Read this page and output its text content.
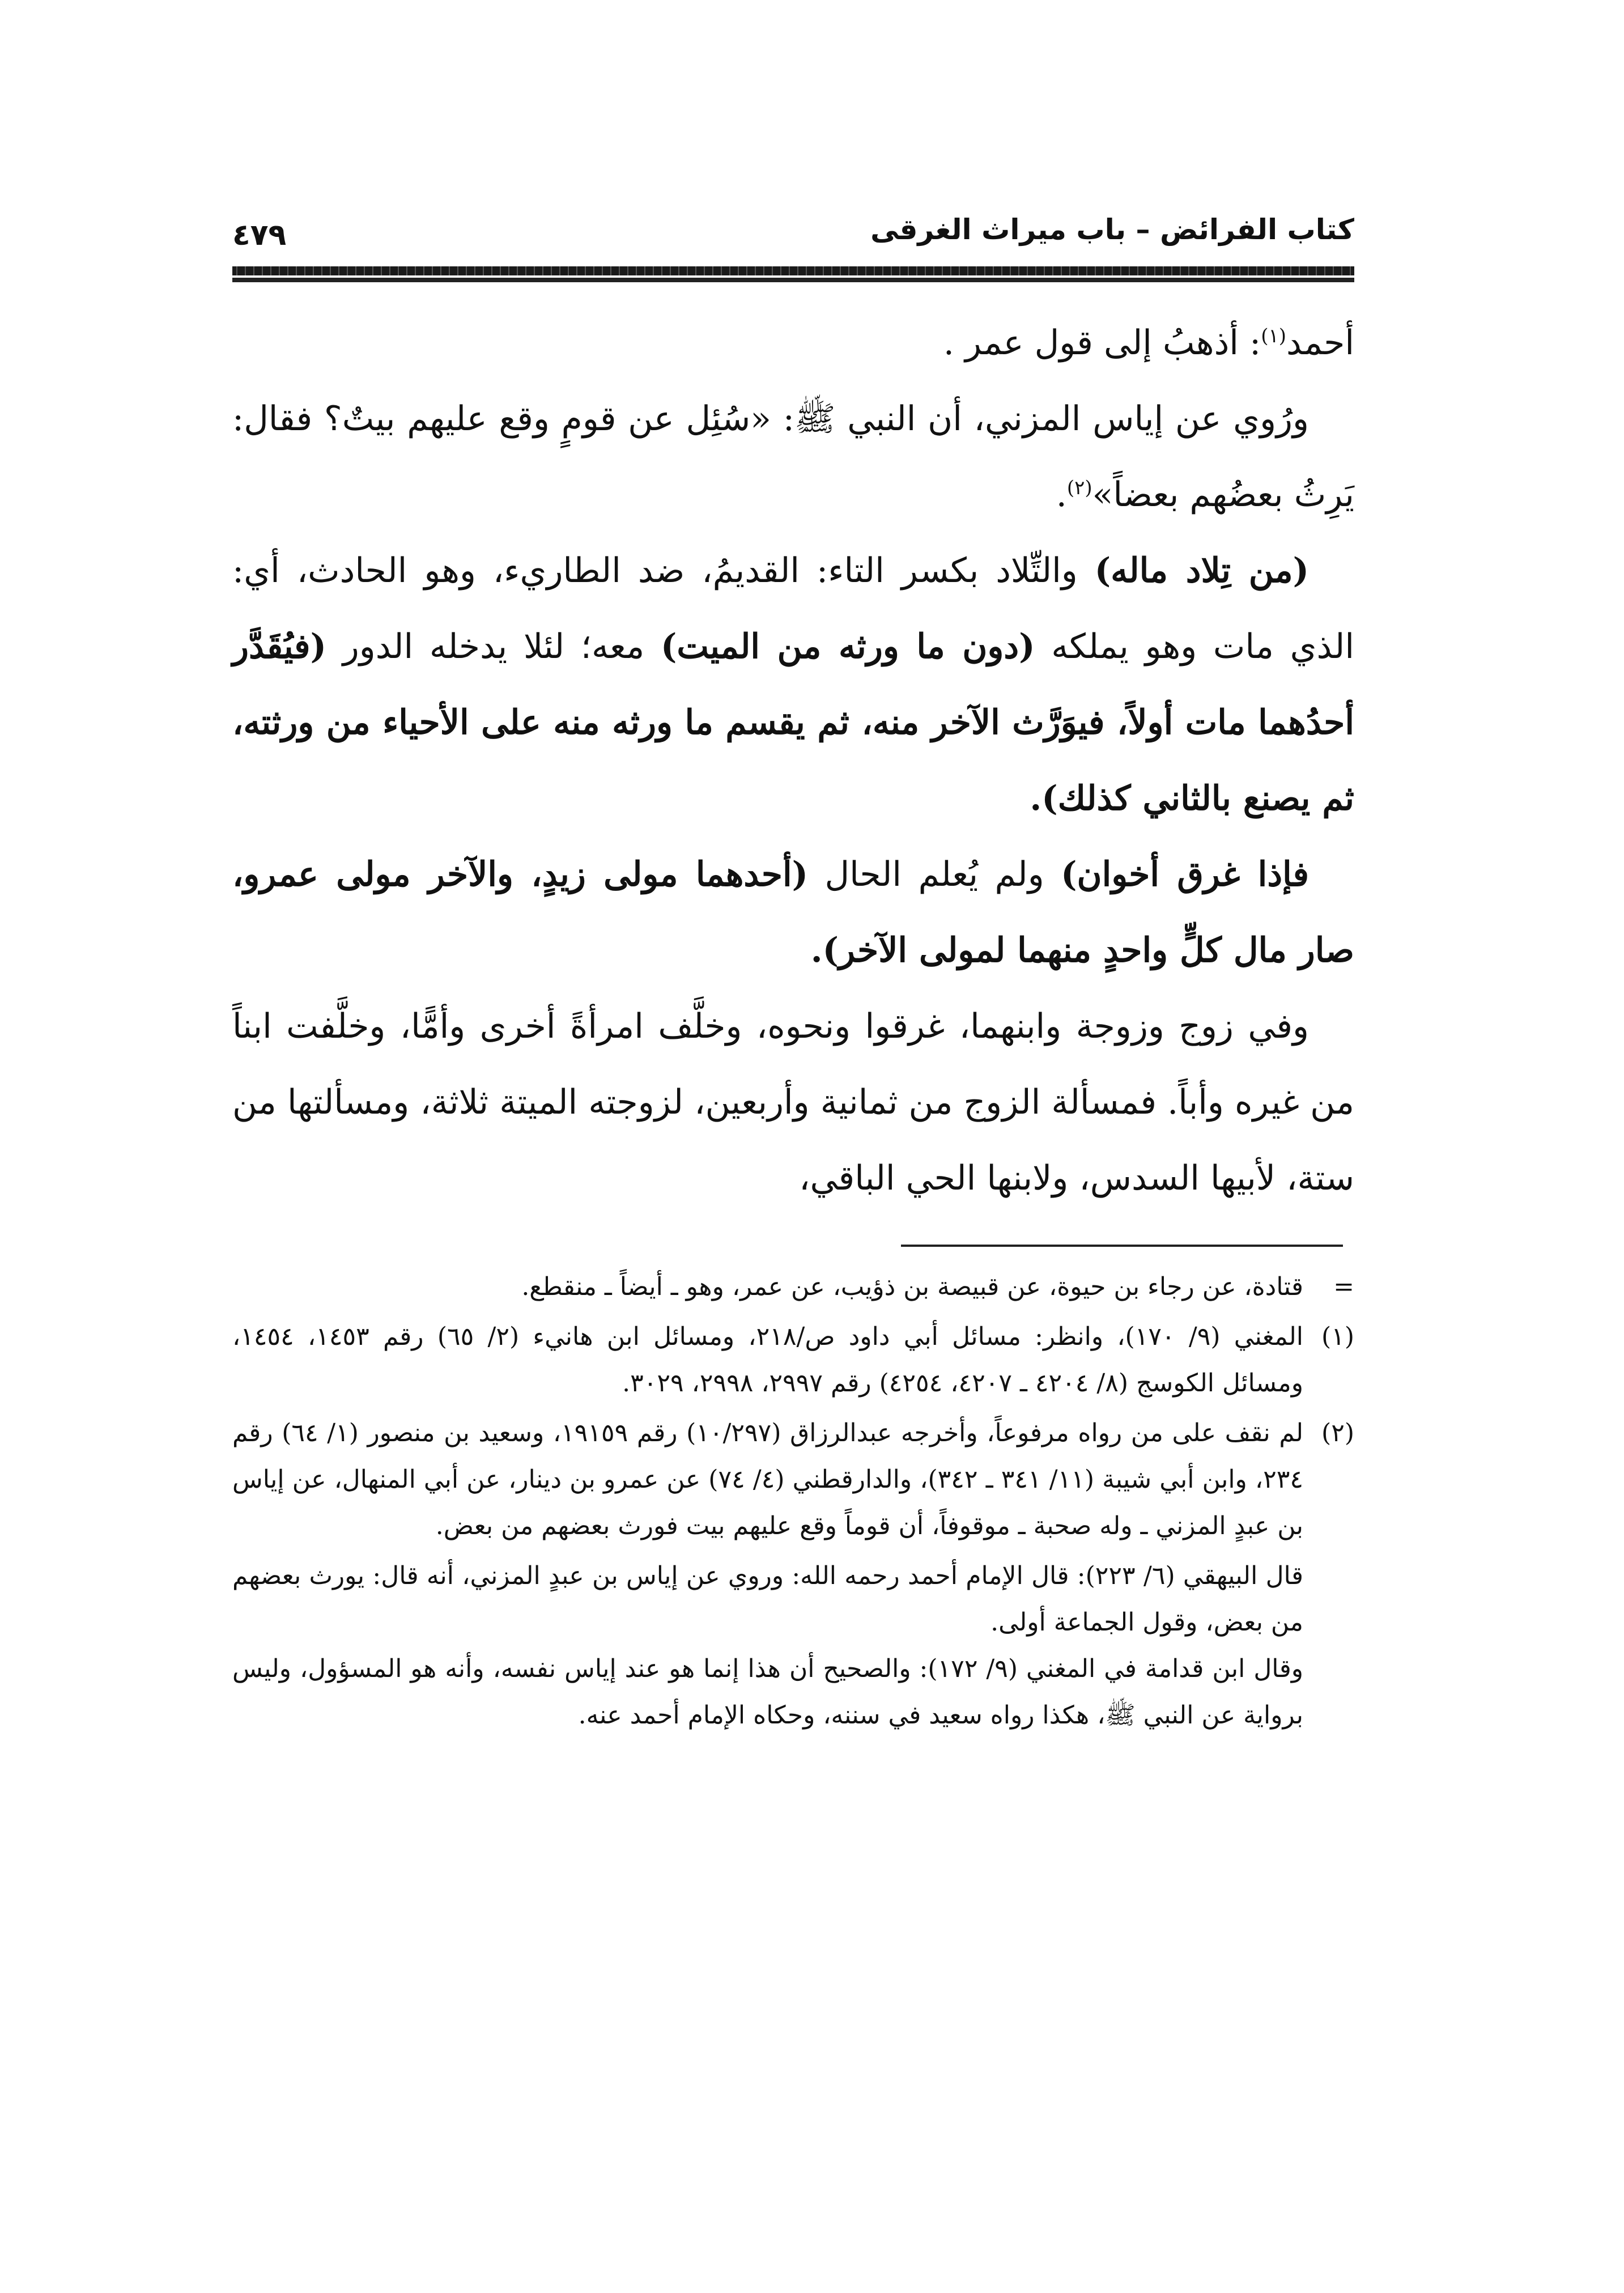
كتاب الفرائض – باب ميراث الغرقى
٤٧٩

أحمد$^{(١)}$: أذهبُ إلى قول عمر .

ورُوي عن إياس المزني، أن النبي ﷺ: «سُئِل عن قومٍ وقع عليهم بيتٌ؟ فقال: يَرِثُ بعضُهم بعضاً»$^{(٢)}$.

(من تِلاد ماله) والتِّلاد بكسر التاء: القديمُ، ضد الطاريء، وهو الحادث، أي: الذي مات وهو يملكه (دون ما ورثه من الميت) معه؛ لئلا يدخله الدور (فيُقَدَّر أحدُهما مات أولاً، فيوَرَّث الآخر منه، ثم يقسم ما ورثه منه على الأحياء من ورثته، ثم يصنع بالثاني كذلك).

فإذا غرق أخوان) ولم يُعلم الحال (أحدهما مولى زيدٍ، والآخر مولى عمرو، صار مال كلٍّ واحدٍ منهما لمولى الآخر).

وفي زوج وزوجة وابنهما، غرقوا ونحوه، وخلَّف امرأةً أخرى وأمًّا، وخلَّفت ابناً من غيره وأباً. فمسألة الزوج من ثمانية وأربعين، لزوجته الميتة ثلاثة، ومسألتها من ستة، لأبيها السدس، ولابنها الحي الباقي،

=
قتادة، عن رجاء بن حيوة، عن قبيصة بن ذؤيب، عن عمر، وهو ـ أيضاً ـ منقطع.
(١)
المغني (٩/ ١٧٠)، وانظر: مسائل أبي داود ص/٢١٨، ومسائل ابن هانيء (٢/ ٦٥) رقم ١٤٥٣، ١٤٥٤، ومسائل الكوسج (٨/ ٤٢٠٤ ـ ٤٢٠٧، ٤٢٥٤) رقم ٢٩٩٧، ٢٩٩٨، ٣٠٢٩.
(٢)
لم نقف على من رواه مرفوعاً، وأخرجه عبدالرزاق (١٠/٢٩٧) رقم ١٩١٥٩، وسعيد بن منصور (١/ ٦٤) رقم ٢٣٤، وابن أبي شيبة (١١/ ٣٤١ ـ ٣٤٢)، والدارقطني (٤/ ٧٤) عن عمرو بن دينار، عن أبي المنهال، عن إياس بن عبدٍ المزني ـ وله صحبة ـ موقوفاً، أن قوماً وقع عليهم بيت فورث بعضهم من بعض.

قال البيهقي (٦/ ٢٢٣): قال الإمام أحمد رحمه الله: وروي عن إياس بن عبدٍ المزني، أنه قال: يورث بعضهم من بعض، وقول الجماعة أولى.

وقال ابن قدامة في المغني (٩/ ١٧٢): والصحيح أن هذا إنما هو عند إياس نفسه، وأنه هو المسؤول، وليس برواية عن النبي ﷺ، هكذا رواه سعيد في سننه، وحكاه الإمام أحمد عنه.
